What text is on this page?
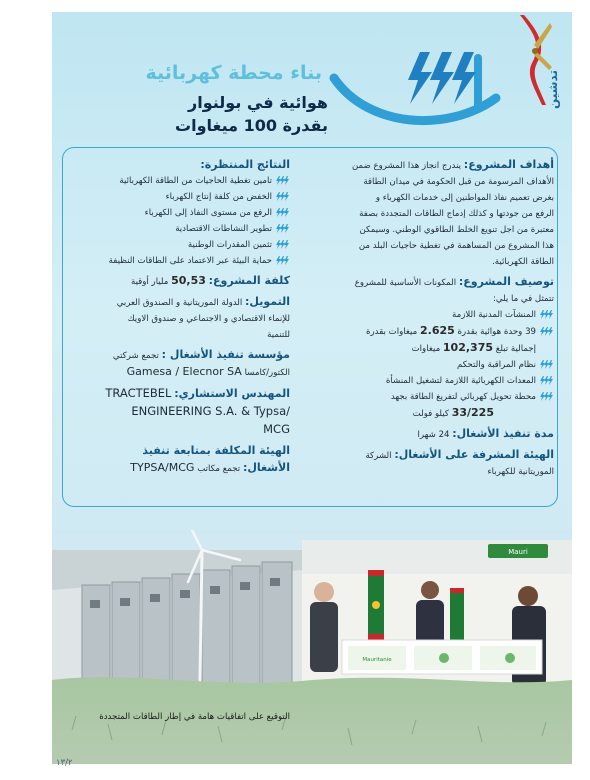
تدشين
بناء محطة كهربائية
هوائية في بولنوار
بقدرة 100 ميغاوات
أهداف المشروع: يندرج انجاز هذا المشروع ضمن
الأهداف المرسومة من قبل الحكومة في ميدان الطاقة
بغرض تعميم نفاذ المواطنين إلى خدمات الكهرباء و
الرفع من جودتها و كذلك إدماج الطاقات المتجددة بصفة
معتبرة من اجل تنويع الخلط الطاقوي الوطني. وسيمكن
هذا المشروع من المساهمة في تغطية حاجيات البلد من
الطاقة الكهربائية.
توصيف المشروع: المكونات الأساسية للمشروع
تتمثل في ما يلي:
المنشآت المدنية اللازمة
39 وحدة هوائية بقدرة 2.625 ميغاوات بقدرة
إجمالية تبلغ 102,375 ميغاوات
نظام المراقبة والتحكم
المعدات الكهربائية اللازمة لتشغيل المنشأة
محطة تحويل كهربائي لتفريغ الطاقة بجهد
33/225 كيلو فولت
مدة تنفيذ الأشغال: 24 شهرا
الهيئة المشرفة على الأشغال: الشركة
الموريتانية للكهرباء
النتائج المنتظرة:
تامين تغطية الحاجيات من الطاقة الكهربائية
الخفض من كلفة إنتاج الكهرباء
الرفع من مستوى النفاذ إلى الكهرباء
تطوير النشاطات الاقتصادية
تثمين المقدرات الوطنية
حماية البيئة عبر الاعتماد على الطاقات النظيفة
كلفة المشروع: 50,53 مليار أوقية
التمويل: الدولة الموريتانية و الصندوق العربي
للإنماء الاقتصادي و الاجتماعي و صندوق الاويك
للتنمية
مؤسسة تنفيذ الأشغال : تجمع شركتي
الكتور/كامسا Gamesa / Elecnor SA
المهندس الاستشاري: TRACTEBEL
ENGINEERING S.A. & Typsa/
MCG
الهيئة المكلفة بمتابعة تنفيذ
الأشغال: تجمع مكاتب TYPSA/MCG
Mauri
Mauritanie
التوقيع على اتفاقيات هامة في إطار الطاقات المتجددة
١٣/٢
